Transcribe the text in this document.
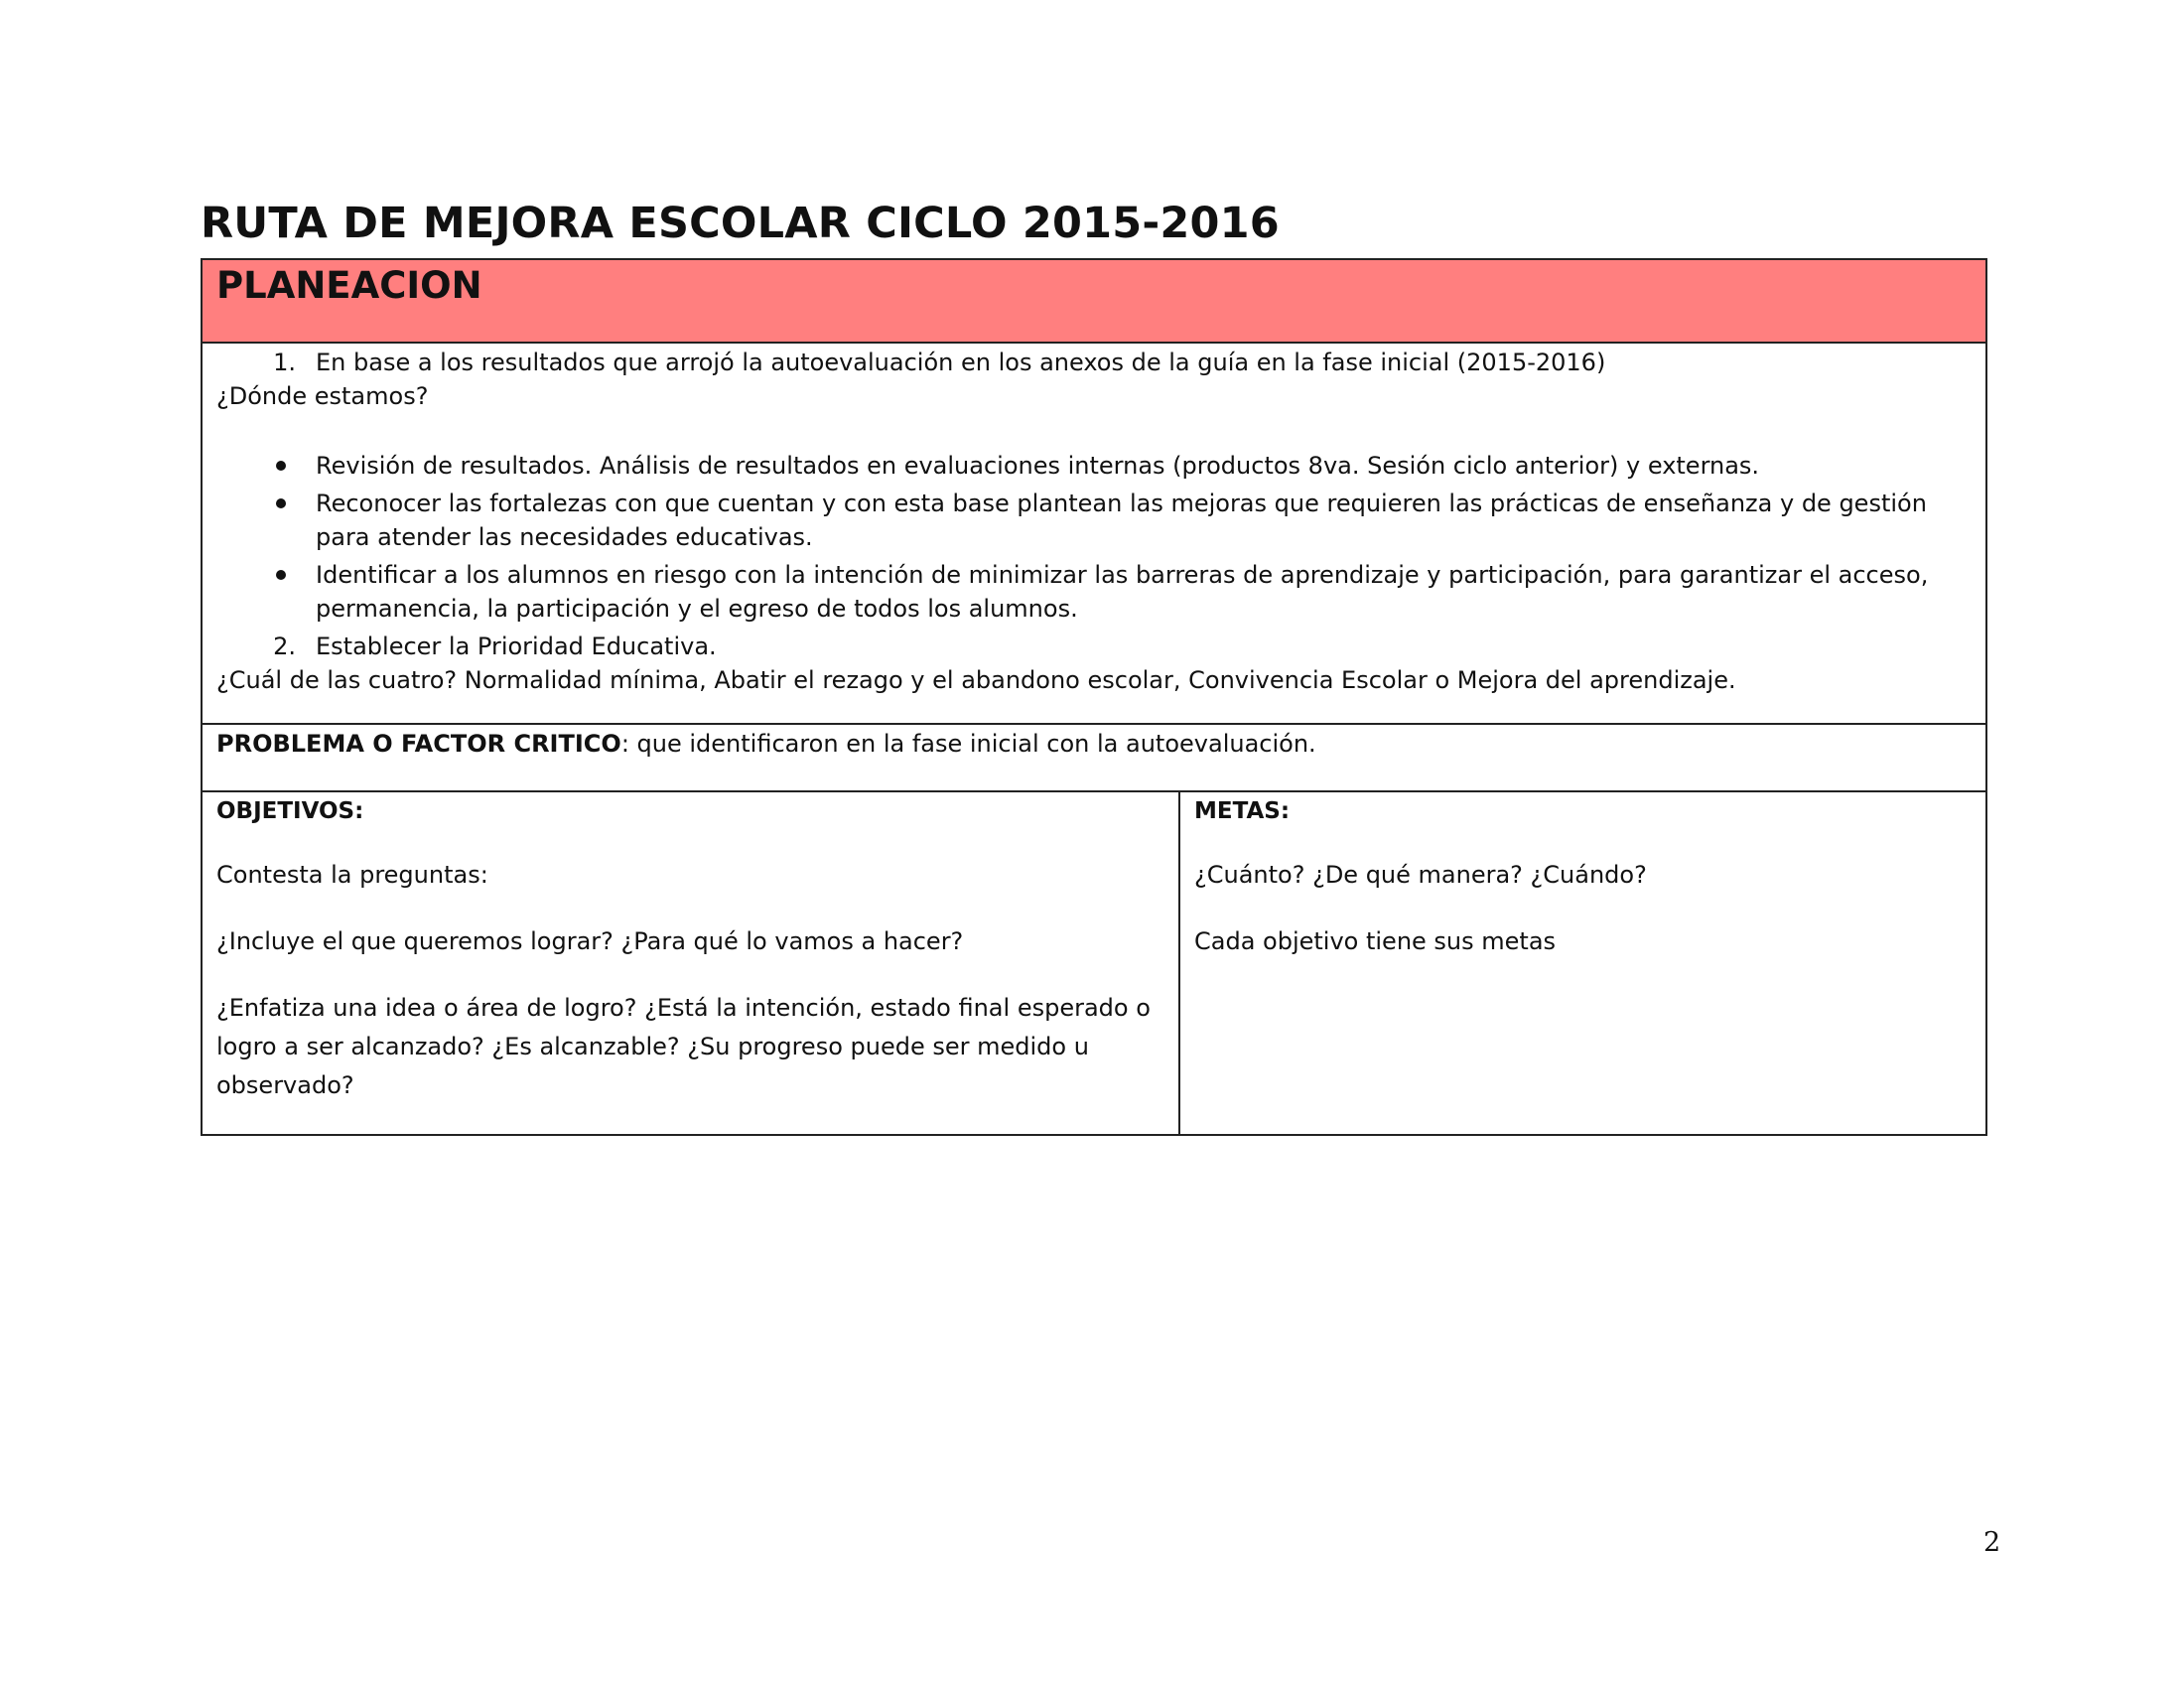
RUTA DE MEJORA ESCOLAR CICLO 2015-2016
PLANEACION
1. En base a los resultados que arrojó la autoevaluación en los anexos de la guía en la fase inicial (2015-2016)
¿Dónde estamos?
Revisión de resultados. Análisis de resultados en evaluaciones internas (productos 8va. Sesión ciclo anterior) y externas.
Reconocer las fortalezas con que cuentan y con esta base plantean las mejoras que requieren las prácticas de enseñanza y de gestión para atender las necesidades educativas.
Identificar a los alumnos en riesgo con la intención de minimizar las barreras de aprendizaje y participación, para garantizar el acceso, permanencia, la participación y el egreso de todos los alumnos.
2. Establecer la Prioridad Educativa.
¿Cuál de las cuatro? Normalidad mínima, Abatir el rezago y el abandono escolar, Convivencia Escolar o Mejora del aprendizaje.
PROBLEMA O FACTOR CRITICO: que identificaron en la fase inicial con la autoevaluación.
OBJETIVOS:
Contesta la preguntas:
¿Incluye el que queremos lograr? ¿Para qué lo vamos a hacer?
¿Enfatiza una idea o área de logro? ¿Está la intención, estado final esperado o logro a ser alcanzado? ¿Es alcanzable? ¿Su progreso puede ser medido u observado?
METAS:
¿Cuánto? ¿De qué manera? ¿Cuándo?
Cada objetivo tiene sus metas
2
